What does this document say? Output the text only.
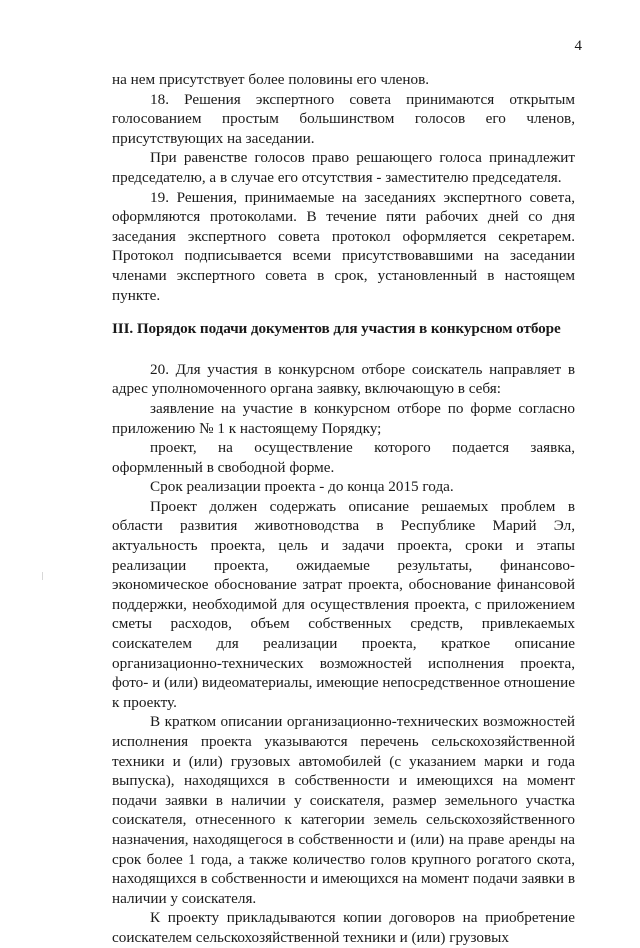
4

на нем присутствует более половины его членов.

18. Решения экспертного совета принимаются открытым голосованием простым большинством голосов его членов, присутствующих на заседании.

При равенстве голосов право решающего голоса принадлежит председателю, а в случае его отсутствия - заместителю председателя.

19. Решения, принимаемые на заседаниях экспертного совета, оформляются протоколами. В течение пяти рабочих дней со дня заседания экспертного совета протокол оформляется секретарем. Протокол подписывается всеми присутствовавшими на заседании членами экспертного совета в срок, установленный в настоящем пункте.

III. Порядок подачи документов для участия в конкурсном отборе

20. Для участия в конкурсном отборе соискатель направляет в адрес уполномоченного органа заявку, включающую в себя:

заявление на участие в конкурсном отборе по форме согласно приложению № 1 к настоящему Порядку;

проект, на осуществление которого подается заявка, оформленный в свободной форме.

Срок реализации проекта - до конца 2015 года.

Проект должен содержать описание решаемых проблем в области развития животноводства в Республике Марий Эл, актуальность проекта, цель и задачи проекта, сроки и этапы реализации проекта, ожидаемые результаты, финансово-экономическое обоснование затрат проекта, обоснование финансовой поддержки, необходимой для осуществления проекта, с приложением сметы расходов, объем собственных средств, привлекаемых соискателем для реализации проекта, краткое описание организационно-технических возможностей исполнения проекта, фото- и (или) видеоматериалы, имеющие непосредственное отношение к проекту.

В кратком описании организационно-технических возможностей исполнения проекта указываются перечень сельскохозяйственной техники и (или) грузовых автомобилей (с указанием марки и года выпуска), находящихся в собственности и имеющихся на момент подачи заявки в наличии у соискателя, размер земельного участка соискателя, отнесенного к категории земель сельскохозяйственного назначения, находящегося в собственности и (или) на праве аренды на срок более 1 года, а также количество голов крупного рогатого скота, находящихся в собственности и имеющихся на момент подачи заявки в наличии у соискателя.

К проекту прикладываются копии договоров на приобретение соискателем сельскохозяйственной техники и (или) грузовых
